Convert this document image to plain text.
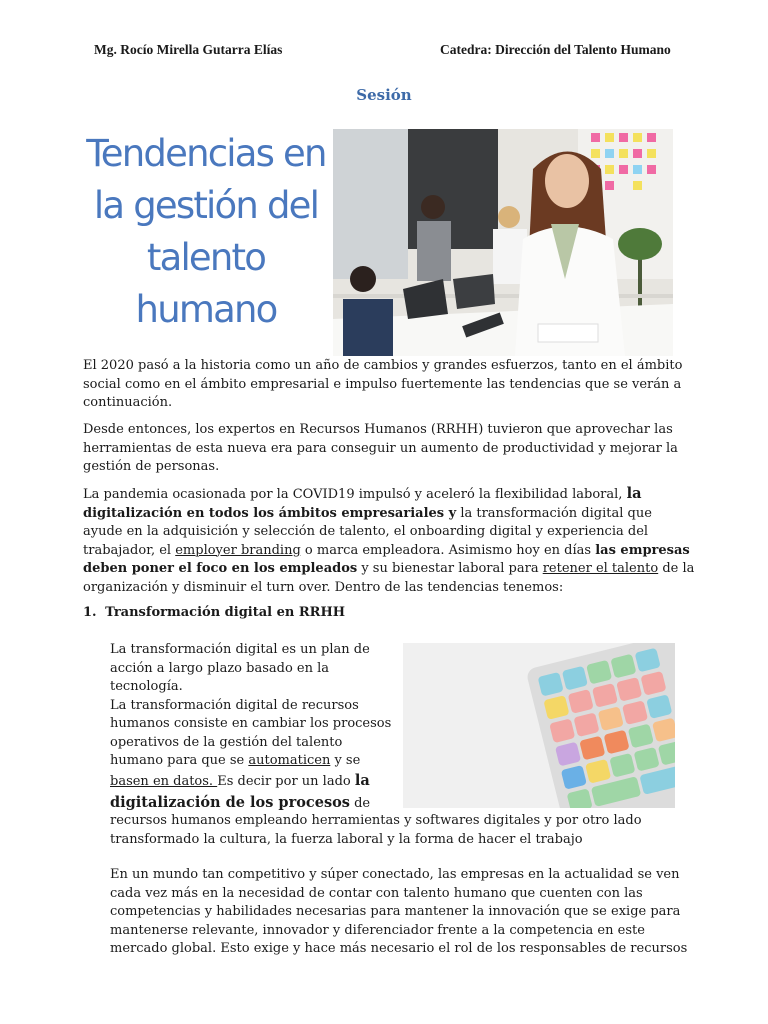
Mg. Rocío Mirella Gutarra Elías	Catedra: Dirección del Talento Humano
Sesión
Tendencias en
la gestión del
talento
humano

El 2020 pasó a la historia como un año de cambios y grandes esfuerzos, tanto en el ámbito

social como en el ámbito empresarial e impulso fuertemente las tendencias que se verán a

continuación.

Desde entonces, los expertos en Recursos Humanos (RRHH) tuvieron que aprovechar las

herramientas de esta nueva era para conseguir un aumento de productividad y mejorar la

gestión de personas.

La pandemia ocasionada por la COVID19 impulsó y aceleró la flexibilidad laboral, la

digitalización en todos los ámbitos empresariales y la transformación digital que

ayude en la adquisición y selección de talento, el onboarding digital y experiencia del

trabajador, el employer branding o marca empleadora. Asimismo hoy en días las empresas

deben poner el foco en los empleados y su bienestar laboral para retener el talento de la

organización y disminuir el turn over. Dentro de las tendencias tenemos:

1. Transformación digital en RRHH

La transformación digital es un plan de

acción a largo plazo basado en la

tecnología.

La transformación digital de recursos

humanos consiste en cambiar los procesos

operativos de la gestión del talento

humano para que se automaticen y se

basen en datos. Es decir por un lado la

digitalización de los procesos de

recursos humanos empleando herramientas y softwares digitales y por otro lado

transformado la cultura, la fuerza laboral y la forma de hacer el trabajo

En un mundo tan competitivo y súper conectado, las empresas en la actualidad se ven

cada vez más en la necesidad de contar con talento humano que cuenten con las

competencias y habilidades necesarias para mantener la innovación que se exige para

mantenerse relevante, innovador y diferenciador frente a la competencia en este

mercado global. Esto exige y hace más necesario el rol de los responsables de recursos
